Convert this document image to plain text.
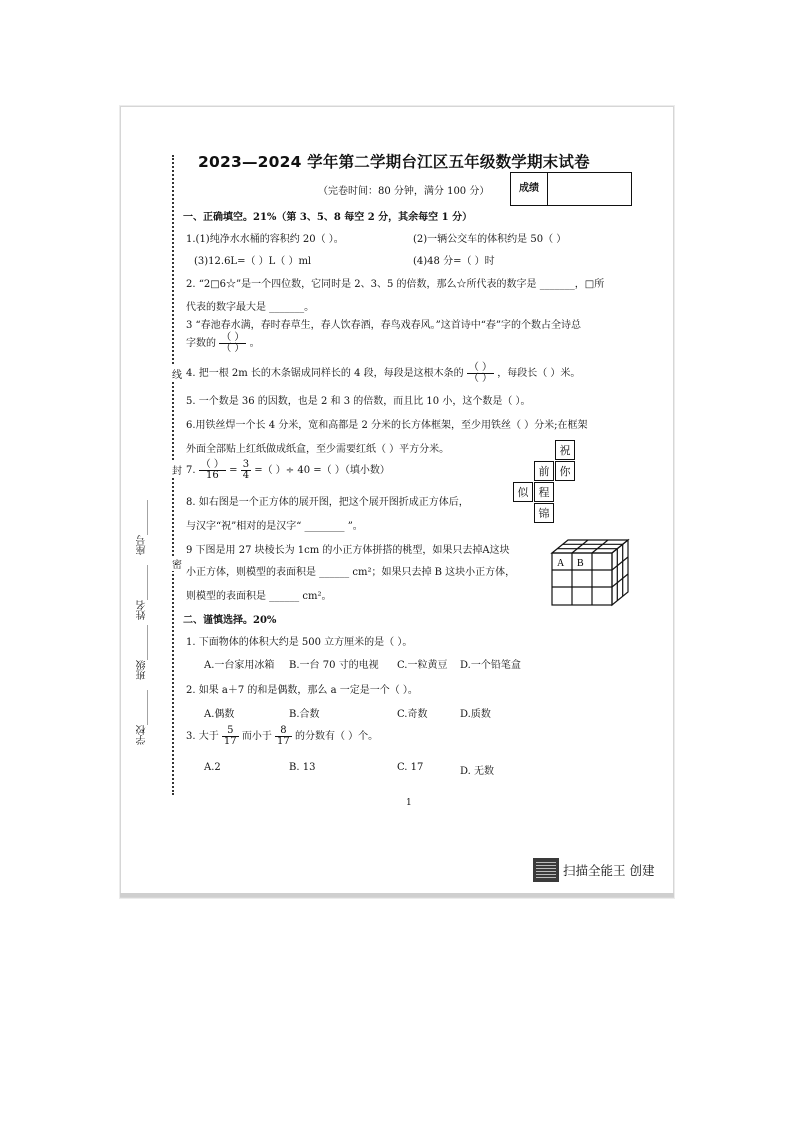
学校_______
班级_______
姓名_______
座号_______
线
封
密
2023—2024 学年第二学期台江区五年级数学期末试卷
（完卷时间：80 分钟，满分 100 分）	成绩
一、正确填空。21%（第 3、5、8 每空 2 分，其余每空 1 分）
1.(1)纯净水水桶的容积约 20（ ）。	(2)一辆公交车的体积约是 50（ ）
(3)12.6L=（ ）L（ ）ml	(4)48 分=（ ）时
2. “2□6☆”是一个四位数，它同时是 2、3、5 的倍数，那么☆所代表的数字是 _______，□所
代表的数字最大是 _______。
3 “春池春水满，春时春草生，春人饮春酒，春鸟戏春风。”这首诗中“春”字的个数占全诗总
字数的 $\frac{( )}{( )}$ 。
4. 把一根 2m 长的木条锯成同样长的 4 段，每段是这根木条的 $\frac{( )}{( )}$ ，每段长（ ）米。
5. 一个数是 36 的因数，也是 2 和 3 的倍数，而且比 10 小，这个数是（ ）。
6.用铁丝焊一个长 4 分米，宽和高都是 2 分米的长方体框架，至少用铁丝（ ）分米;在框架
外面全部贴上红纸做成纸盒，至少需要红纸（ ）平方分米。
7. $\frac{( )}{16} = \frac{3}{4}$ =（ ）÷ 40 =（ ）（填小数）
8. 如右图是一个正方体的展开图，把这个展开图折成正方体后，
与汉字“祝”相对的是汉字“ ________ ”。
祝
前 你
似 程
锦
9 下图是用 27 块棱长为 1cm 的小正方体拼搭的桃型，如果只去掉A这块
小正方体，则模型的表面积是 ______ cm²；如果只去掉 B 这块小正方体，
则模型的表面积是 ______ cm²。
A B
二、谨慎选择。20%
1. 下面物体的体积大约是 500 立方厘米的是（ ）。
A.一台家用冰箱 B.一台 70 寸的电视 C.一粒黄豆 D.一个铅笔盒
2. 如果 a＋7 的和是偶数，那么 a 一定是一个（ ）。
A.偶数	B.合数	C.奇数	D.质数
3. 大于 $\frac{5}{17}$ 而小于 $\frac{8}{17}$ 的分数有（ ）个。
A.2	B. 13	C. 17	D. 无数
1
扫描全能王 创建
